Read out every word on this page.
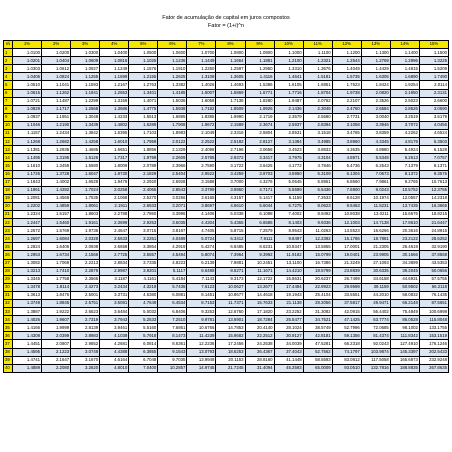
Fator de acumulação de capital em juros compostos
Fator = (1+i)^n
n\i	1%	2%	3%	4%	5%	6%	7%	8%	9%	10%	11%	12%	13%	14%	15%
1	1.0100	1.0200	1.0300	1.0400	1.0500	1.0600	1.0700	1.0800	1.0900	1.1000	1.1100	1.1200	1.1300	1.1400	1.1500
2	1.0201	1.0404	1.0609	1.0816	1.1025	1.1236	1.1449	1.1664	1.1881	1.2100	1.2321	1.2544	1.2769	1.2996	1.3225
3	1.0303	1.0612	1.0927	1.1249	1.1576	1.1910	1.2250	1.2597	1.2950	1.3310	1.3676	1.4049	1.4429	1.4815	1.5209
4	1.0406	1.0824	1.1255	1.1699	1.2155	1.2625	1.3108	1.3605	1.4116	1.4641	1.5181	1.5735	1.6305	1.6890	1.7490
5	1.0510	1.1041	1.1593	1.2167	1.2763	1.3382	1.4026	1.4693	1.5386	1.6105	1.6851	1.7623	1.8424	1.9254	2.0114
6	1.0615	1.1262	1.1941	1.2653	1.3401	1.4185	1.5007	1.5869	1.6771	1.7716	1.8704	1.9738	2.0820	2.1950	2.3131
7	1.0721	1.1487	1.2299	1.3159	1.4071	1.5036	1.6058	1.7138	1.8280	1.9487	2.0762	2.2107	2.3526	2.5023	2.6600
8	1.0829	1.1717	1.2668	1.3686	1.4775	1.5938	1.7182	1.8509	1.9926	2.1436	2.3045	2.4760	2.6584	2.8526	3.0590
9	1.0937	1.1951	1.3048	1.4233	1.5513	1.6895	1.8385	1.9990	2.1719	2.3579	2.5580	2.7731	3.0040	3.2519	3.5179
10	1.1046	1.2190	1.3439	1.4802	1.6289	1.7908	1.9672	2.1589	2.3674	2.5937	2.8394	3.1058	3.3946	3.7072	4.0456
11	1.1157	1.2434	1.3842	1.5395	1.7103	1.8983	2.1049	2.3316	2.5804	2.8531	3.1518	3.4785	3.8359	4.2262	4.6524
12	1.1268	1.2682	1.4258	1.6010	1.7959	2.0122	2.2522	2.5182	2.8127	3.1384	3.4985	3.8960	4.3345	4.8179	5.3503
13	1.1381	1.2936	1.4685	1.6651	1.8856	2.1329	2.4098	2.7196	3.0658	3.4523	3.8833	4.3635	4.8980	5.4924	6.1528
14	1.1495	1.3195	1.5126	1.7317	1.9799	2.2609	2.5785	2.9372	3.3417	3.7975	4.3104	4.8871	5.5348	6.2613	7.0757
15	1.1610	1.3459	1.5580	1.8009	2.0789	2.3966	2.7590	3.1722	3.6425	4.1772	4.7846	5.4736	6.2543	7.1379	8.1371
16	1.1726	1.3728	1.6047	1.8730	2.1829	2.5404	2.9522	3.4259	3.9703	4.5950	5.3109	6.1304	7.0673	8.1372	9.3576
17	1.1843	1.4002	1.6528	1.9479	2.2920	2.6928	3.1588	3.7000	4.3276	5.0545	5.8951	6.8660	7.9861	9.2765	10.7613
18	1.1961	1.4282	1.7024	2.0258	2.4066	2.8543	3.3799	3.9960	4.7171	5.5599	6.5436	7.6900	9.0243	10.5752	12.3755
19	1.2081	1.4568	1.7535	2.1068	2.5270	3.0256	3.6165	4.3157	5.1417	6.1159	7.2633	8.6128	10.1974	12.0557	14.2318
20	1.2202	1.4859	1.8061	2.1911	2.6533	3.2071	3.8697	4.6610	5.6044	6.7275	8.0623	9.6463	11.5231	13.7435	16.3665
21	1.2324	1.5157	1.8603	2.2788	2.7860	3.3996	4.1406	5.0338	6.1088	7.4002	8.9492	10.8038	13.0211	15.6676	18.8215
22	1.2447	1.5460	1.9161	2.3699	2.9253	3.6035	4.4304	5.4365	6.6586	8.1403	9.9336	12.1003	14.7138	17.8610	21.6447
23	1.2572	1.5769	1.9736	2.4647	3.0715	3.8197	4.7405	5.8715	7.2579	8.9543	11.0263	13.5523	16.6266	20.3616	24.8915
24	1.2697	1.6084	2.0328	2.5633	3.2251	4.0489	5.0724	6.3412	7.9111	9.8497	12.2392	15.1786	18.7881	23.2122	28.6252
25	1.2824	1.6406	2.0938	2.6658	3.3864	4.2919	5.4274	6.8485	8.6231	10.8347	13.5855	17.0001	21.2305	26.4619	32.9190
26	1.2953	1.6734	2.1566	2.7725	3.5557	4.5494	5.8074	7.3964	9.3992	11.9182	15.0799	19.0401	23.9905	30.1666	37.8568
27	1.3082	1.7069	2.2213	2.8834	3.7335	4.8223	6.2139	7.9881	10.2451	13.1100	16.7386	21.3249	27.1093	34.3899	43.5353
28	1.3213	1.7410	2.2879	2.9987	3.9201	5.1117	6.6488	8.6271	11.1671	14.4210	18.5799	23.8839	30.6335	39.2045	50.0656
29	1.3345	1.7758	2.3566	3.1187	4.1161	5.4184	7.1143	9.3173	12.1722	15.8631	20.6237	26.7499	34.6158	44.6931	57.5755
30	1.3478	1.8114	2.4273	3.2434	4.3219	5.7435	7.6123	10.0627	13.2677	17.4494	22.8923	29.9599	39.1159	50.9502	66.2118
31	1.3613	1.8476	2.5001	3.3731	4.5380	6.0881	8.1451	10.8677	14.4618	19.1943	25.4104	33.5551	44.2010	58.0832	76.1435
32	1.3749	1.8845	2.5751	3.5081	4.7649	6.4534	8.7153	11.7371	15.7633	21.1138	28.2056	37.5817	49.9471	66.2148	87.5651
33	1.3887	1.9222	2.6523	3.6484	5.0032	6.8406	9.3253	12.6760	17.1820	23.2252	31.3082	42.0915	56.4402	75.4849	100.6998
34	1.4026	1.9607	2.7319	3.7943	5.2533	7.2510	9.9781	13.6901	18.7284	25.5477	34.7521	47.1425	63.7774	86.0528	115.8048
35	1.4166	1.9999	2.8139	3.9461	5.5160	7.6861	10.6766	14.7853	20.4140	28.1024	38.5749	52.7996	72.0685	98.1002	133.1755
36	1.4308	2.0399	2.8983	4.1039	5.7918	8.1473	11.4239	15.9682	22.2512	30.9127	42.8181	59.1356	81.4374	111.8342	153.1519
37	1.4451	2.0807	2.9852	4.2681	6.0814	8.6361	12.2236	17.2456	24.2538	34.0039	47.5281	66.2318	92.0243	127.4910	176.1246
38	1.4595	2.1223	3.0748	4.4388	6.3855	9.1543	13.0793	18.6253	26.4367	37.4043	52.7562	74.1797	103.9874	145.3397	202.5433
39	1.4741	2.1647	3.1670	4.6164	6.7048	9.7035	13.9948	20.1153	28.8160	41.1448	58.5593	83.0812	117.5058	165.6873	232.9248
40	1.4889	2.2080	3.2620	4.8010	7.0400	10.2857	14.9745	21.7245	31.4094	45.2593	65.0009	93.0510	132.7816	188.8835	267.8635
